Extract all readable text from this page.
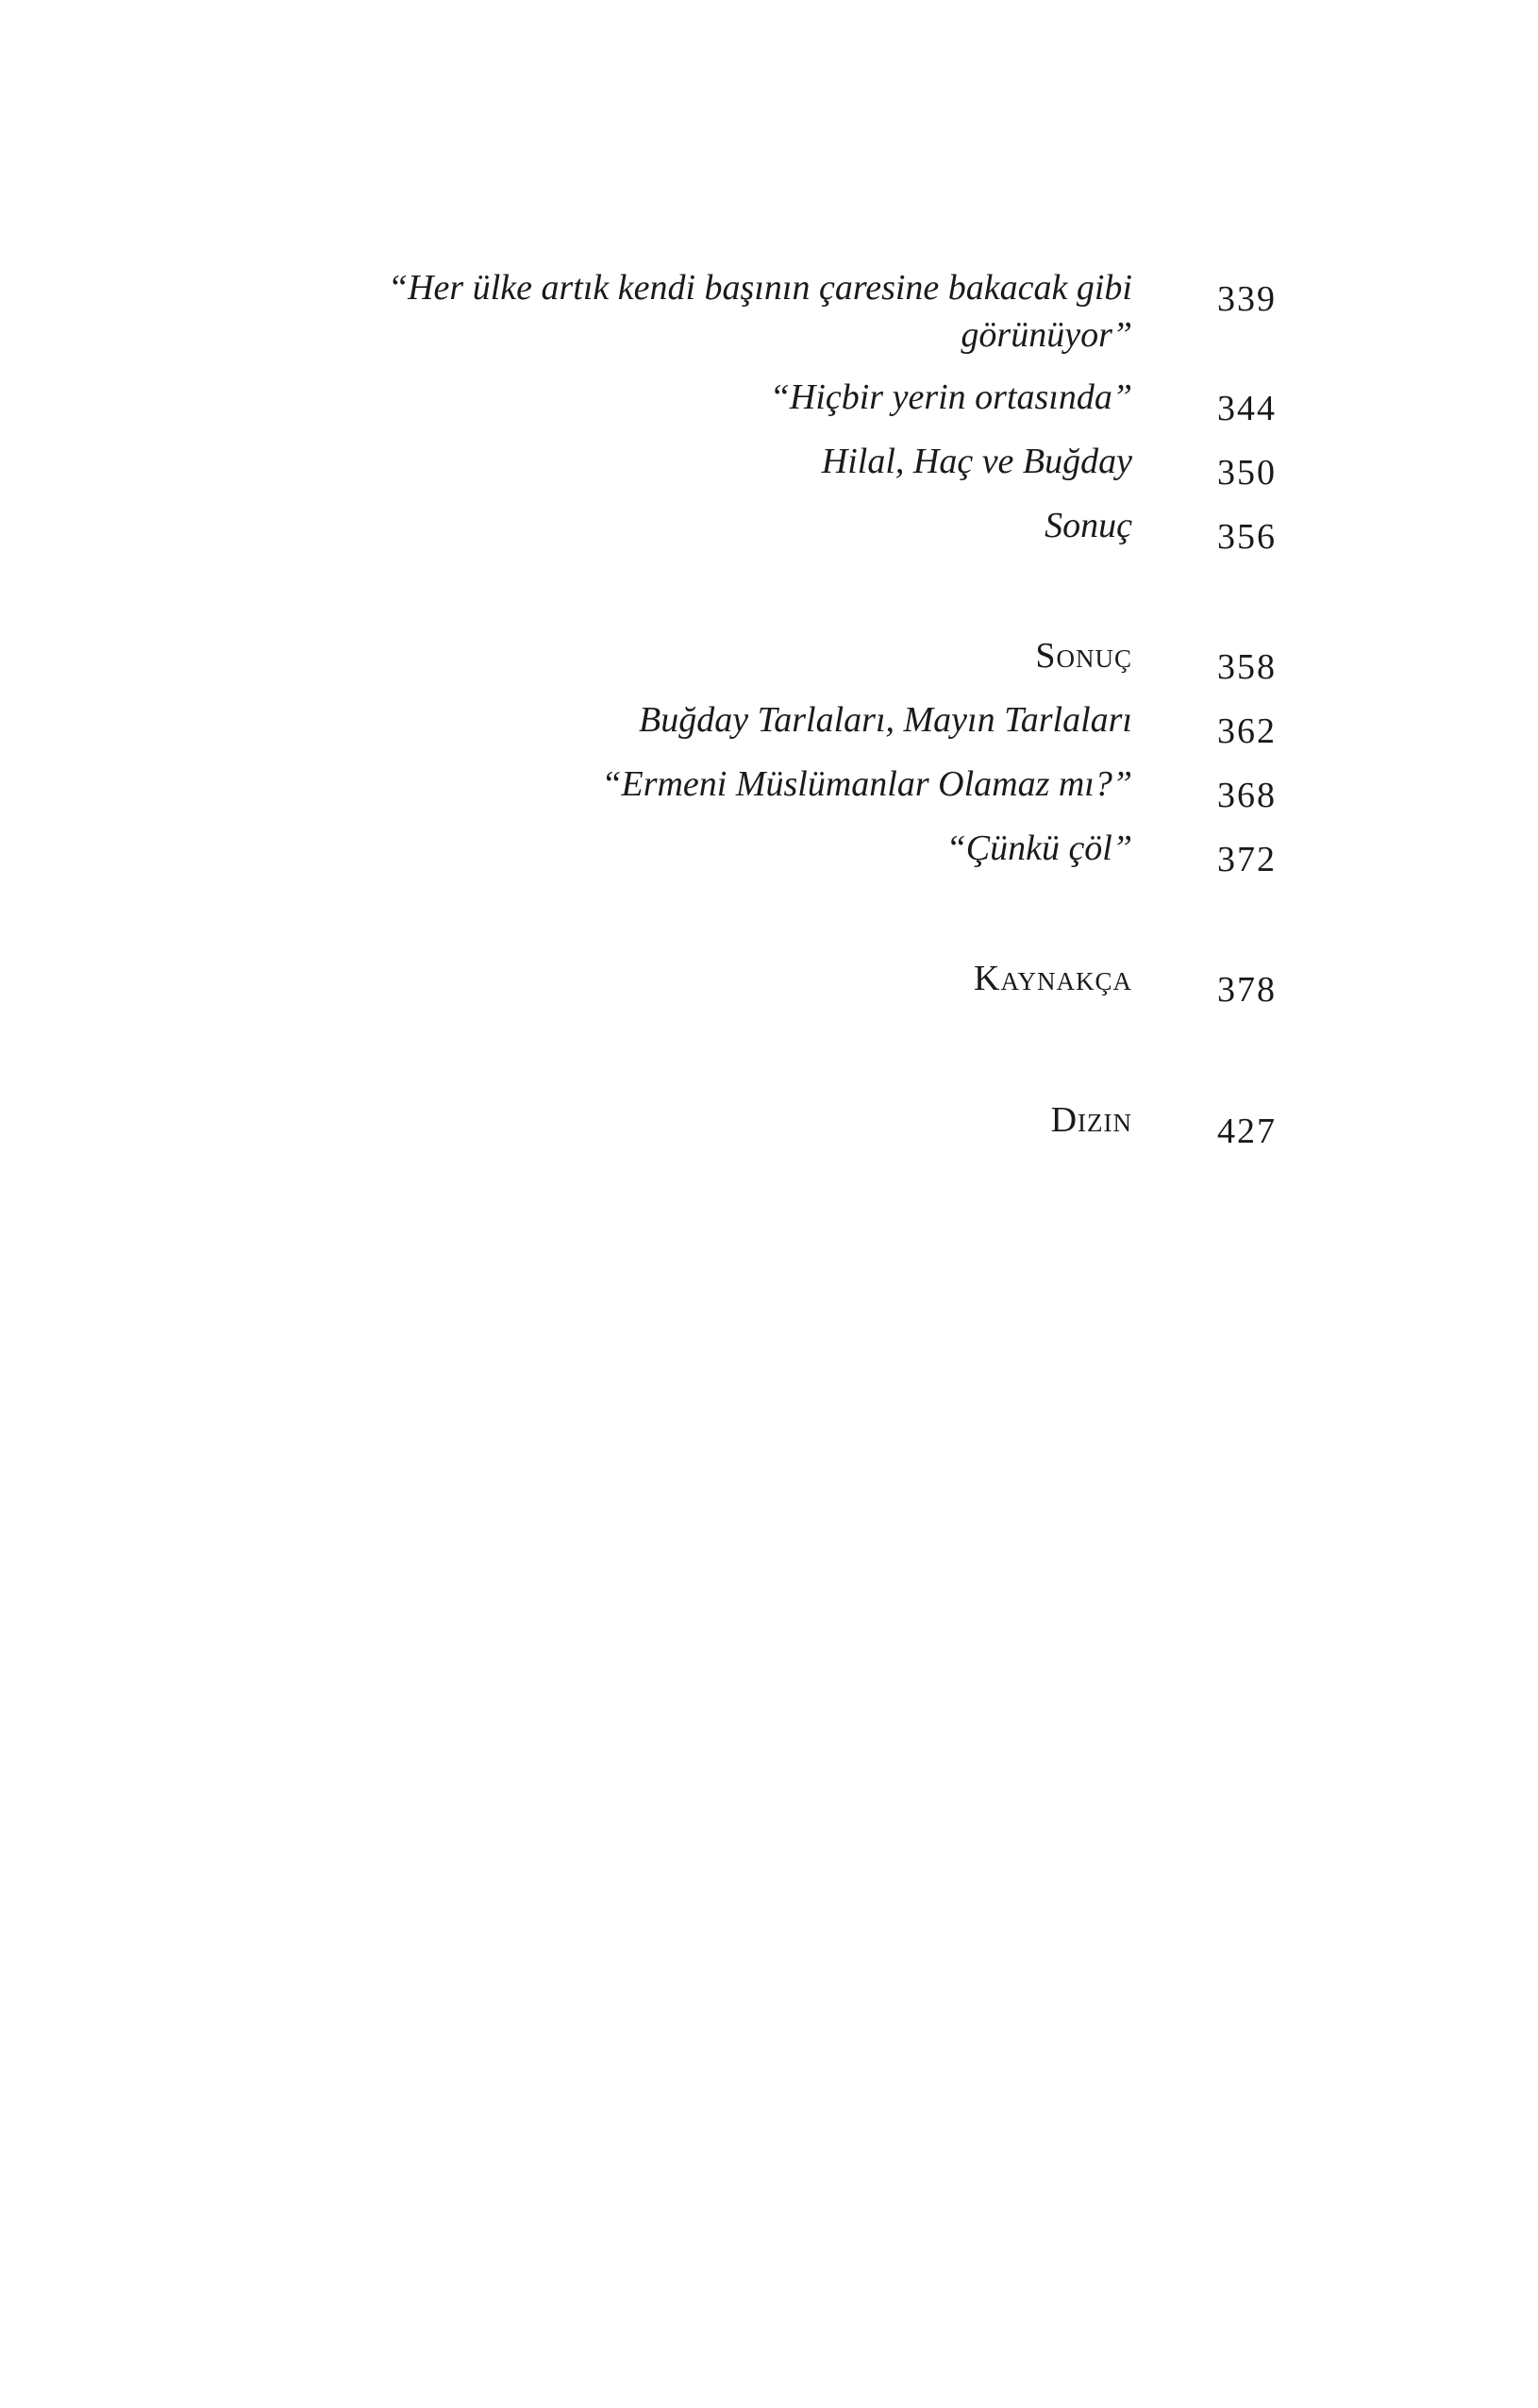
“Her ülke artık kendi başının çaresine bakacak gibi görünüyor”
339
“Hiçbir yerin ortasında” 344
Hilal, Haç ve Buğday 350
Sonuç 356
Sonuç 358
Buğday Tarlaları, Mayın Tarlaları 362
“Ermeni Müslümanlar Olamaz mı?” 368
“Çünkü çöl” 372
Kaynakça 378
Dizin 427
